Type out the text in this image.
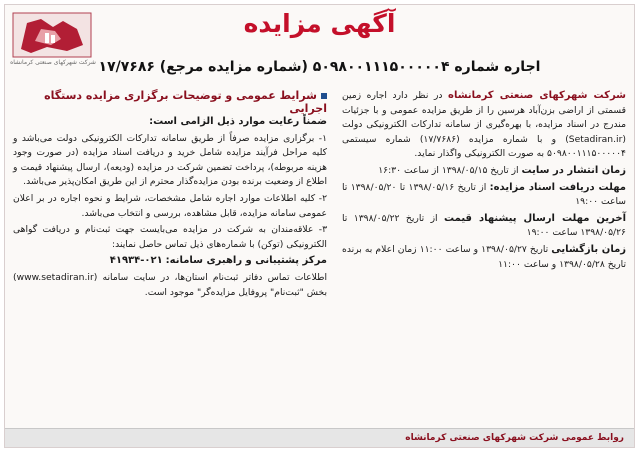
شرکت شهرکهای صنعتی کرمانشاه
آگهی مزایده
اجاره شماره ۵۰۹۸۰۰۱۱۱۵۰۰۰۰۰۴ (شماره مزایده مرجع) ۱۷/۷۶۸۶

شرکت شهرکهای صنعتی کرمانشاه در نظر دارد اجاره زمین قسمتی از اراضی بزن‌آباد هرسین را از طریق مزایده عمومی و با جزئیات مندرج در اسناد مزایده، با بهره‌گیری از سامانه تدارکات الکترونیکی دولت (Setadiran.ir) و با شماره مزایده (۱۷/۷۶۸۶) شماره سیستمی ۵۰۹۸۰۰۱۱۱۵۰۰۰۰۰۴ به صورت الکترونیکی واگذار نماید.

زمان انتشار در سایت از تاریخ ۱۳۹۸/۰۵/۱۵ از ساعت ۱۶:۳۰

مهلت دریافت اسناد مزایده: از تاریخ ۱۳۹۸/۰۵/۱۶ تا ۱۳۹۸/۰۵/۲۰ تا ساعت ۱۹:۰۰

آخرین مهلت ارسال پیشنهاد قیمت از تاریخ ۱۳۹۸/۰۵/۲۲ تا ۱۳۹۸/۰۵/۲۶ ساعت ۱۹:۰۰

زمان بازگشایی تاریخ ۱۳۹۸/۰۵/۲۷ و ساعت ۱۱:۰۰ زمان اعلام به برنده تاریخ ۱۳۹۸/۰۵/۲۸ و ساعت ۱۱:۰۰

شرایط عمومی و توضیحات برگزاری مزایده دستگاه اجرایی

ضمناً رعایت موارد ذیل الزامی است:

۱- برگزاری مزایده صرفاً از طریق سامانه تدارکات الکترونیکی دولت می‌باشد و کلیه مراحل فرآیند مزایده شامل خرید و دریافت اسناد مزایده (در صورت وجود هزینه مربوطه)، پرداخت تضمین شرکت در مزایده (ودیعه)، ارسال پیشنهاد قیمت و اطلاع از وضعیت برنده بودن مزایده‌گذار محترم از این طریق امکان‌پذیر می‌باشد.

۲- کلیه اطلاعات موارد اجاره شامل مشخصات، شرایط و نحوه اجاره در بر اعلان عمومی سامانه مزایده، قابل مشاهده، بررسی و انتخاب می‌باشد.

۳- علاقه‌مندان به شرکت در مزایده می‌بایست جهت ثبت‌نام و دریافت گواهی الکترونیکی (توکن) با شماره‌های ذیل تماس حاصل نمایند:

مرکز پشتیبانی و راهبری سامانه: ۰۲۱-۴۱۹۳۴

اطلاعات تماس دفاتر ثبت‌نام استان‌ها، در سایت سامانه (www.setadiran.ir) بخش "ثبت‌نام" پروفایل مزایده‌گر" موجود است.

روابط عمومی شرکت شهرکهای صنعتی کرمانشاه
